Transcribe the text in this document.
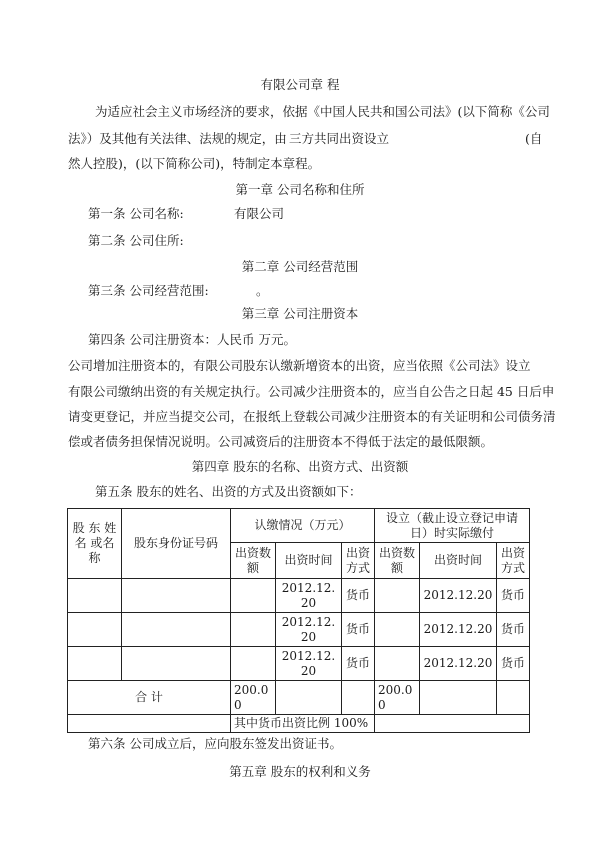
有限公司章 程
为适应社会主义市场经济的要求，依据《中国人民共和国公司法》(以下简称《公司
法》）及其他有关法律、法规的规定，由 三方共同出资设立	(自
然人控股)，(以下简称公司)，特制定本章程。
第一章 公司名称和住所
第一条 公司名称:	有限公司
第二条 公司住所:
第二章 公司经营范围
第三条 公司经营范围:	。
第三章 公司注册资本
第四条 公司注册资本：人民币 万元。
公司增加注册资本的，有限公司股东认缴新增资本的出资，应当依照《公司法》设立
有限公司缴纳出资的有关规定执行。公司减少注册资本的，应当自公告之日起 45 日后申
请变更登记，并应当提交公司，在报纸上登载公司减少注册资本的有关证明和公司债务清
偿或者债务担保情况说明。公司减资后的注册资本不得低于法定的最低限额。
第四章 股东的名称、出资方式、出资额
第五条 股东的姓名、出资的方式及出资额如下：
股 东 姓 名 或名 称	股东身份证号码	认缴情况（万元）			设立（截止设立登记申请日）时实际缴付		
		出资数额	出资时间	出资方式	出资数额	出资时间	出资方式
			2012.12.20	货币		2012.12.20	货币
			2012.12.20	货币		2012.12.20	货币
			2012.12.20	货币		2012.12.20	货币
合 计		200.00			200.00		
		其中货币出资比例 100%					
第六条 公司成立后，应向股东签发出资证书。
第五章 股东的权利和义务
